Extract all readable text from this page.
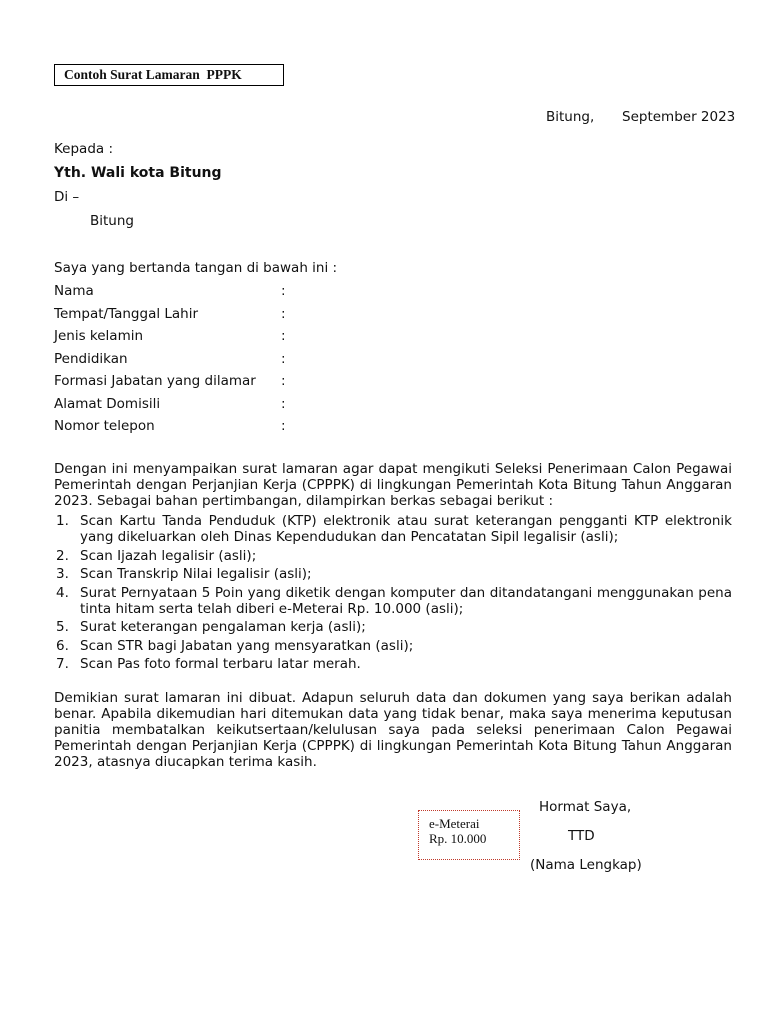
Contoh Surat Lamaran  PPPK
Bitung, September 2023
Kepada :
Yth. Wali kota Bitung
Di –
Bitung
Saya yang bertanda tangan di bawah ini :
Nama	:
Tempat/Tanggal Lahir	:
Jenis kelamin	:
Pendidikan	:
Formasi Jabatan yang dilamar :
Alamat Domisili	:
Nomor telepon	:
Dengan ini menyampaikan surat lamaran agar dapat mengikuti Seleksi Penerimaan Calon Pegawai Pemerintah dengan Perjanjian Kerja (CPPPK) di lingkungan Pemerintah Kota Bitung Tahun Anggaran 2023. Sebagai bahan pertimbangan, dilampirkan berkas sebagai berikut :
1. Scan Kartu Tanda Penduduk (KTP) elektronik atau surat keterangan pengganti KTP elektronik yang dikeluarkan oleh Dinas Kependudukan dan Pencatatan Sipil legalisir (asli);
2. Scan Ijazah legalisir (asli);
3. Scan Transkrip Nilai legalisir (asli);
4. Surat Pernyataan 5 Poin yang diketik dengan komputer dan ditandatangani menggunakan pena tinta hitam serta telah diberi e-Meterai Rp. 10.000 (asli);
5. Surat keterangan pengalaman kerja (asli);
6. Scan STR bagi Jabatan yang mensyaratkan (asli);
7. Scan Pas foto formal terbaru latar merah.
Demikian surat lamaran ini dibuat. Adapun seluruh data dan dokumen yang saya berikan adalah benar. Apabila dikemudian hari ditemukan data yang tidak benar, maka saya menerima keputusan panitia membatalkan keikutsertaan/kelulusan saya pada seleksi penerimaan Calon Pegawai Pemerintah dengan Perjanjian Kerja (CPPPK) di lingkungan Pemerintah Kota Bitung Tahun Anggaran 2023, atasnya diucapkan terima kasih.
e-Meterai
Rp. 10.000
Hormat Saya,
TTD
(Nama Lengkap)
